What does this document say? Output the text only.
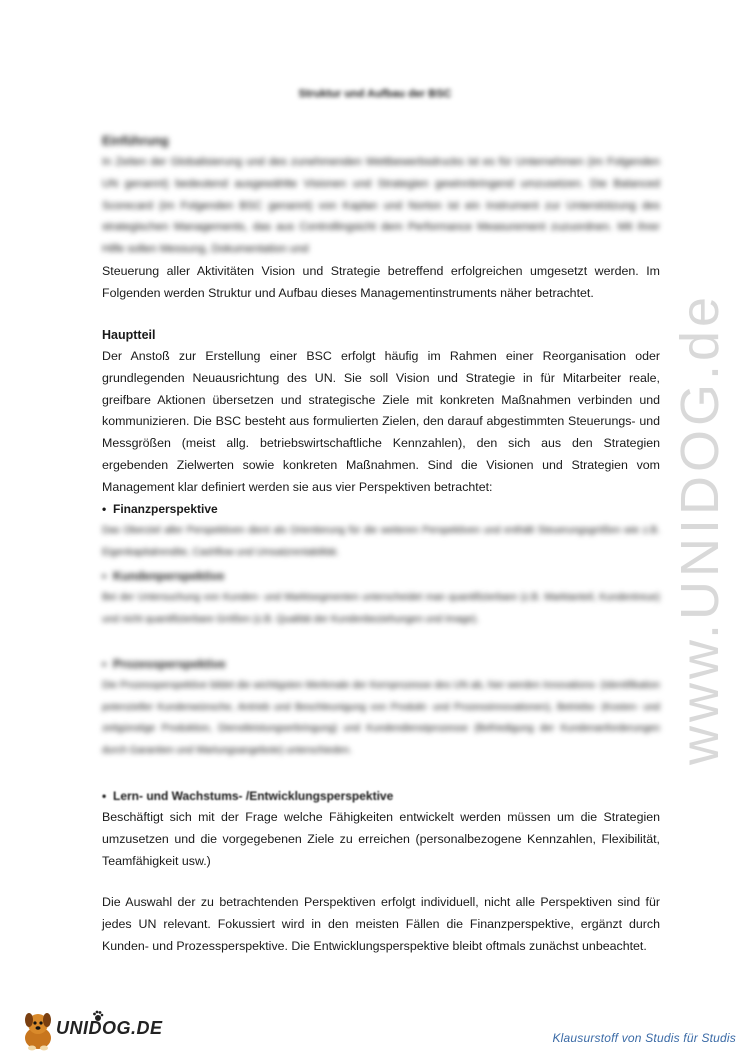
www.UNIDOG.de
Struktur und Aufbau der BSC
Einführung

In Zeiten der Globalisierung und des zunehmenden Wettbewerbsdrucks ist es für Unternehmen (im Folgenden UN genannt) bedeutend ausgewählte Visionen und Strategien gewinnbringend umzusetzen. Die Balanced Scorecard (im Folgenden BSC genannt) von Kaplan und Norton ist ein Instrument zur Unterstützung des strategischen Managements, das aus Controllingsicht dem Performance Measurement zuzuordnen. Mit ihrer Hilfe sollen Messung, Dokumentation und

Steuerung aller Aktivitäten Vision und Strategie betreffend erfolgreichen umgesetzt werden. Im Folgenden werden Struktur und Aufbau dieses Managementinstruments näher betrachtet.

Hauptteil

Der Anstoß zur Erstellung einer BSC erfolgt häufig im Rahmen einer Reorganisation oder grundlegenden Neuausrichtung des UN. Sie soll Vision und Strategie in für Mitarbeiter reale, greifbare Aktionen übersetzen und strategische Ziele mit konkreten Maßnahmen verbinden und kommunizieren. Die BSC besteht aus formulierten Zielen, den darauf abgestimmten Steuerungs- und Messgrößen (meist allg. betriebswirtschaftliche Kennzahlen), den sich aus den Strategien ergebenden Zielwerten sowie konkreten Maßnahmen. Sind die Visionen und Strategien vom Management klar definiert werden sie aus vier Perspektiven betrachtet:

• Finanzperspektive

Das Oberziel aller Perspektiven dient als Orientierung für die weiteren Perspektiven und enthält Steuerungsgrößen wie z.B. Eigenkapitalrendite, Cashflow und Umsatzrentabilität.

• Kundenperspektive

Bei der Untersuchung von Kunden- und Marktsegmenten unterscheidet man quantifizierbare (z.B. Marktanteil, Kundentreue) und nicht quantifizierbare Größen (z.B. Qualität der Kundenbeziehungen und Image).

• Prozessperspektive

Die Prozessperspektive bildet die wichtigsten Merkmale der Kernprozesse des UN ab, hier werden Innovations- (Identifikation potenzieller Kundenwünsche, Antrieb und Beschleunigung von Produkt- und Prozessinnovationen), Betriebs- (Kosten- und zeitgünstige Produktion, Dienstleistungserbringung) und Kundendienstprozesse (Befriedigung der Kundenanforderungen durch Garantien und Wartungsangebote) unterschieden.

• Lern- und Wachstums- /Entwicklungsperspektive

Beschäftigt sich mit der Frage welche Fähigkeiten entwickelt werden müssen um die Strategien umzusetzen und die vorgegebenen Ziele zu erreichen (personalbezogene Kennzahlen, Flexibilität, Teamfähigkeit usw.)

Die Auswahl der zu betrachtenden Perspektiven erfolgt individuell, nicht alle Perspektiven sind für jedes UN relevant. Fokussiert wird in den meisten Fällen die Finanzperspektive, ergänzt durch Kunden- und Prozessperspektive. Die Entwicklungsperspektive bleibt oftmals zunächst unbeachtet.

UNIDOG.DE	Klausurstoff von Studis für Studis
